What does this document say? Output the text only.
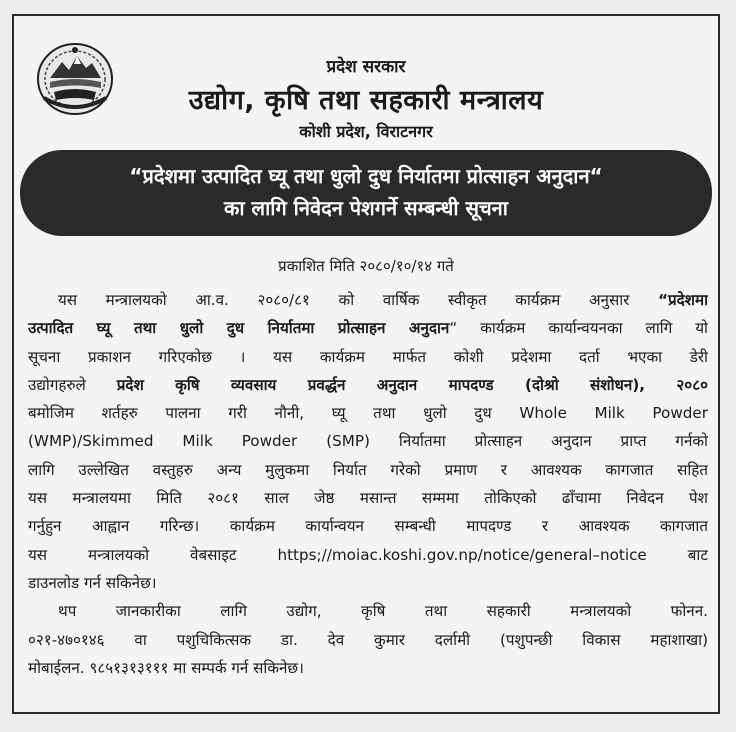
प्रदेश सरकार
उद्योग, कृषि तथा सहकारी मन्त्रालय
कोशी प्रदेश, विराटनगर
“प्रदेशमा उत्पादित घ्यू तथा धुलो दुध निर्यातमा प्रोत्साहन अनुदान“
का लागि निवेदन पेशगर्ने सम्बन्धी सूचना
प्रकाशित मिति २०८०/१०/१४ गते
यस मन्त्रालयको आ.व. २०८०/८१ को वार्षिक स्वीकृत कार्यक्रम अनुसार “प्रदेशमा
उत्पादित घ्यू तथा धुलो दुध निर्यातमा प्रोत्साहन अनुदान“ कार्यक्रम कार्यान्वयनका लागि यो
सूचना प्रकाशन गरिएकोछ । यस कार्यक्रम मार्फत कोशी प्रदेशमा दर्ता भएका डेरी
उद्योगहरुले प्रदेश कृषि व्यवसाय प्रवर्द्धन अनुदान मापदण्ड (दोश्रो संशोधन), २०८०
बमोजिम शर्तहरु पालना गरी नौनी, घ्यू तथा धुलो दुध Whole Milk Powder
(WMP)/Skimmed Milk Powder (SMP) निर्यातमा प्रोत्साहन अनुदान प्राप्त गर्नको
लागि उल्लेखित वस्तुहरु अन्य मुलुकमा निर्यात गरेको प्रमाण र आवश्यक कागजात सहित
यस मन्त्रालयमा मिति २०८१ साल जेष्ठ मसान्त सम्ममा तोकिएको ढाँचामा निवेदन पेश
गर्नुहुन आह्वान गरिन्छ। कार्यक्रम कार्यान्वयन सम्बन्धी मापदण्ड र आवश्यक कागजात
यस मन्त्रालयको वेबसाइट https;//moiac.koshi.gov.np/notice/general–notice बाट
डाउनलोड गर्न सकिनेछ।
थप जानकारीका लागि उद्योग, कृषि तथा सहकारी मन्त्रालयको फोनन.
०२१-४७०१४६ वा पशुचिकित्सक डा. देव कुमार दर्लामी (पशुपन्छी विकास महाशाखा)
मोबाईलन. ९८५१३१३१११ मा सम्पर्क गर्न सकिनेछ।
